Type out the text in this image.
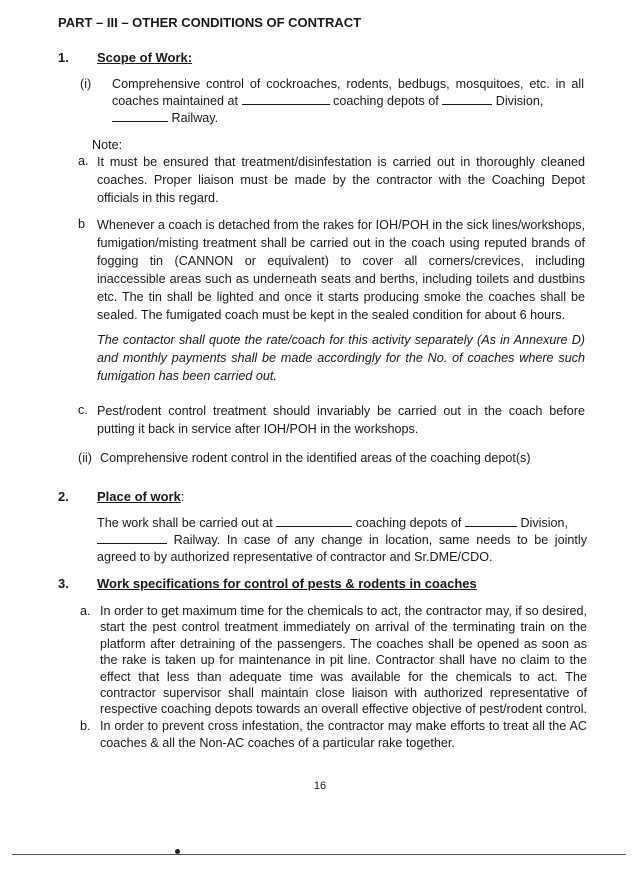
PART – III – OTHER CONDITIONS OF CONTRACT
1. Scope of Work:
(i) Comprehensive control of cockroaches, rodents, bedbugs, mosquitoes, etc. in all coaches maintained at	coaching depots of	Division,
Railway.
Note:
a. It must be ensured that treatment/disinfestation is carried out in thoroughly cleaned coaches. Proper liaison must be made by the contractor with the Coaching Depot officials in this regard.
b Whenever a coach is detached from the rakes for IOH/POH in the sick lines/workshops, fumigation/misting treatment shall be carried out in the coach using reputed brands of fogging tin (CANNON or equivalent) to cover all corners/crevices, including inaccessible areas such as underneath seats and berths, including toilets and dustbins etc. The tin shall be lighted and once it starts producing smoke the coaches shall be sealed. The fumigated coach must be kept in the sealed condition for about 6 hours.
The contactor shall quote the rate/coach for this activity separately (As in Annexure D) and monthly payments shall be made accordingly for the No. of coaches where such fumigation has been carried out.
c. Pest/rodent control treatment should invariably be carried out in the coach before putting it back in service after IOH/POH in the workshops.
(ii) Comprehensive rodent control in the identified areas of the coaching depot(s)
2. Place of work:
The work shall be carried out at	coaching depots of	Division,
Railway. In case of any change in location, same needs to be jointly agreed to by authorized representative of contractor and Sr.DME/CDO.
3. Work specifications for control of pests & rodents in coaches
a. In order to get maximum time for the chemicals to act, the contractor may, if so desired, start the pest control treatment immediately on arrival of the terminating train on the platform after detraining of the passengers. The coaches shall be opened as soon as the rake is taken up for maintenance in pit line. Contractor shall have no claim to the effect that less than adequate time was available for the chemicals to act. The contractor supervisor shall maintain close liaison with authorized representative of respective coaching depots towards an overall effective objective of pest/rodent control.
b. In order to prevent cross infestation, the contractor may make efforts to treat all the AC coaches & all the Non-AC coaches of a particular rake together.
16
